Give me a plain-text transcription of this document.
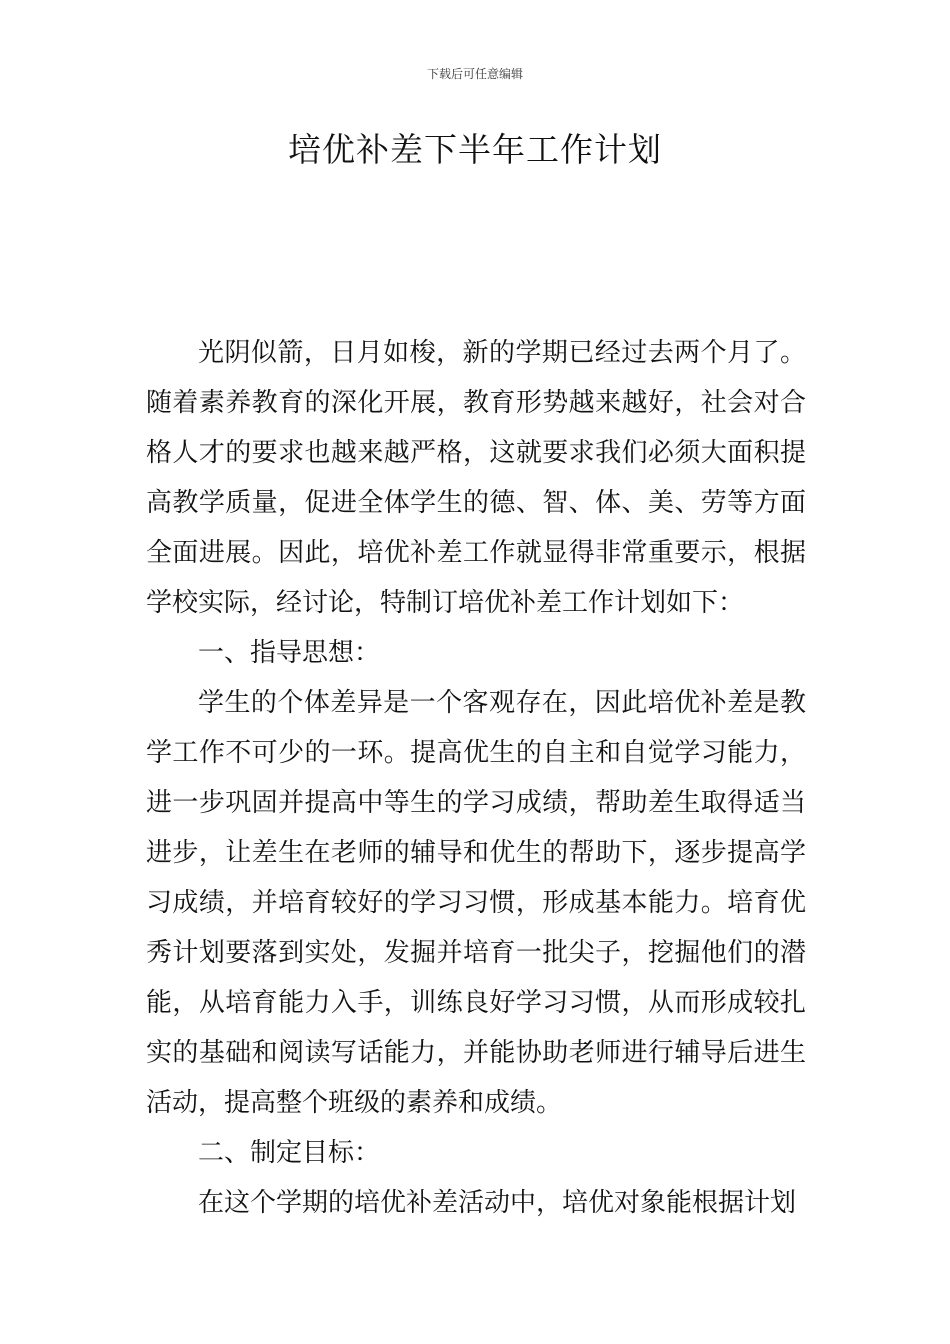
下载后可任意编辑
培优补差下半年工作计划

光阴似箭，日月如梭，新的学期已经过去两个月了。随着素养教育的深化开展，教育形势越来越好，社会对合格人才的要求也越来越严格，这就要求我们必须大面积提高教学质量，促进全体学生的德、智、体、美、劳等方面全面进展。因此，培优补差工作就显得非常重要示，根据学校实际，经讨论，特制订培优补差工作计划如下：

一、指导思想：

学生的个体差异是一个客观存在，因此培优补差是教学工作不可少的一环。提高优生的自主和自觉学习能力，进一步巩固并提高中等生的学习成绩，帮助差生取得适当进步，让差生在老师的辅导和优生的帮助下，逐步提高学习成绩，并培育较好的学习习惯，形成基本能力。培育优秀计划要落到实处，发掘并培育一批尖子，挖掘他们的潜能，从培育能力入手，训练良好学习习惯，从而形成较扎实的基础和阅读写话能力，并能协助老师进行辅导后进生活动，提高整个班级的素养和成绩。

二、制定目标：

在这个学期的培优补差活动中，培优对象能根据计划
